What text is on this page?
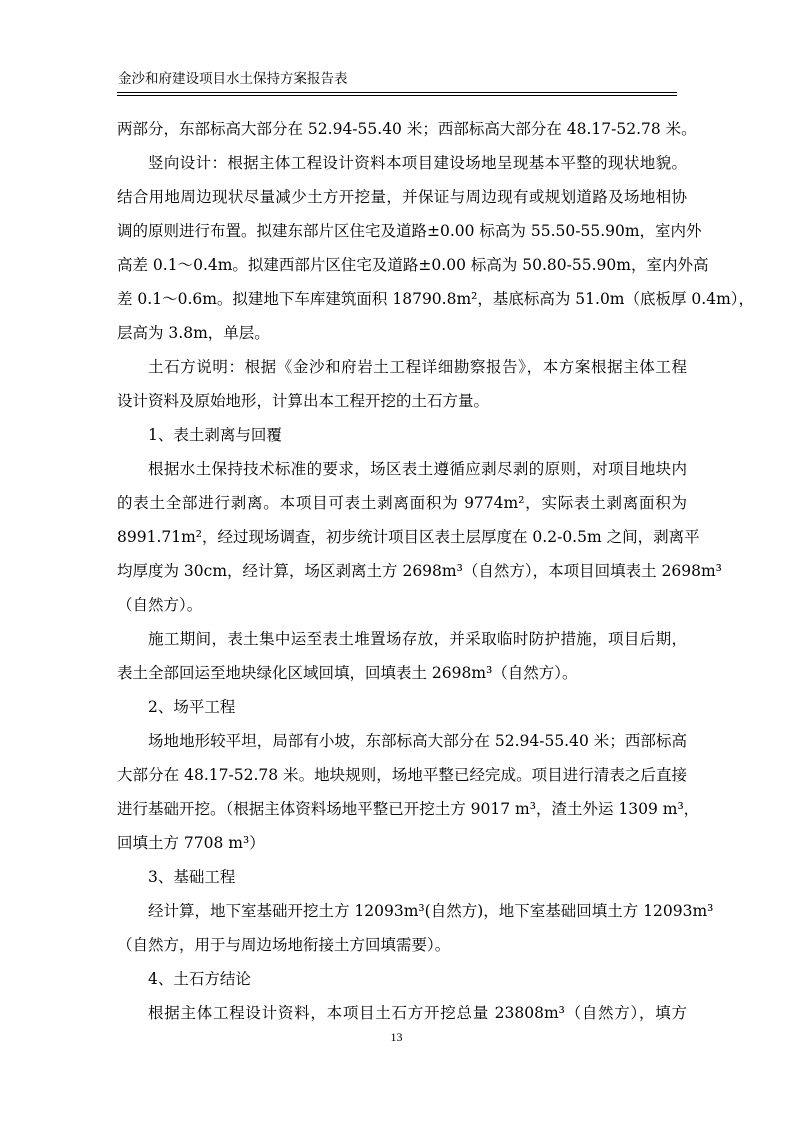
金沙和府建设项目水土保持方案报告表
两部分，东部标高大部分在 52.94-55.40 米；西部标高大部分在 48.17-52.78 米。
竖向设计：根据主体工程设计资料本项目建设场地呈现基本平整的现状地貌。
结合用地周边现状尽量减少土方开挖量，并保证与周边现有或规划道路及场地相协
调的原则进行布置。拟建东部片区住宅及道路±0.00 标高为 55.50-55.90m，室内外
高差 0.1～0.4m。拟建西部片区住宅及道路±0.00 标高为 50.80-55.90m，室内外高
差 0.1～0.6m。拟建地下车库建筑面积 18790.8m²，基底标高为 51.0m（底板厚 0.4m），
层高为 3.8m，单层。
土石方说明：根据《金沙和府岩土工程详细勘察报告》，本方案根据主体工程
设计资料及原始地形，计算出本工程开挖的土石方量。
1、表土剥离与回覆
根据水土保持技术标准的要求，场区表土遵循应剥尽剥的原则，对项目地块内
的表土全部进行剥离。本项目可表土剥离面积为 9774m²，实际表土剥离面积为
8991.71m²，经过现场调查，初步统计项目区表土层厚度在 0.2-0.5m 之间，剥离平
均厚度为 30cm，经计算，场区剥离土方 2698m³（自然方），本项目回填表土 2698m³
（自然方）。
施工期间，表土集中运至表土堆置场存放，并采取临时防护措施，项目后期，
表土全部回运至地块绿化区域回填，回填表土 2698m³（自然方）。
2、场平工程
场地地形较平坦，局部有小坡，东部标高大部分在 52.94-55.40 米；西部标高
大部分在 48.17-52.78 米。地块规则，场地平整已经完成。项目进行清表之后直接
进行基础开挖。（根据主体资料场地平整已开挖土方 9017 m³，渣土外运 1309 m³，
回填土方 7708 m³）
3、基础工程
经计算，地下室基础开挖土方 12093m³(自然方)，地下室基础回填土方 12093m³
（自然方，用于与周边场地衔接土方回填需要）。
4、土石方结论
根据主体工程设计资料，本项目土石方开挖总量 23808m³（自然方），填方
13
